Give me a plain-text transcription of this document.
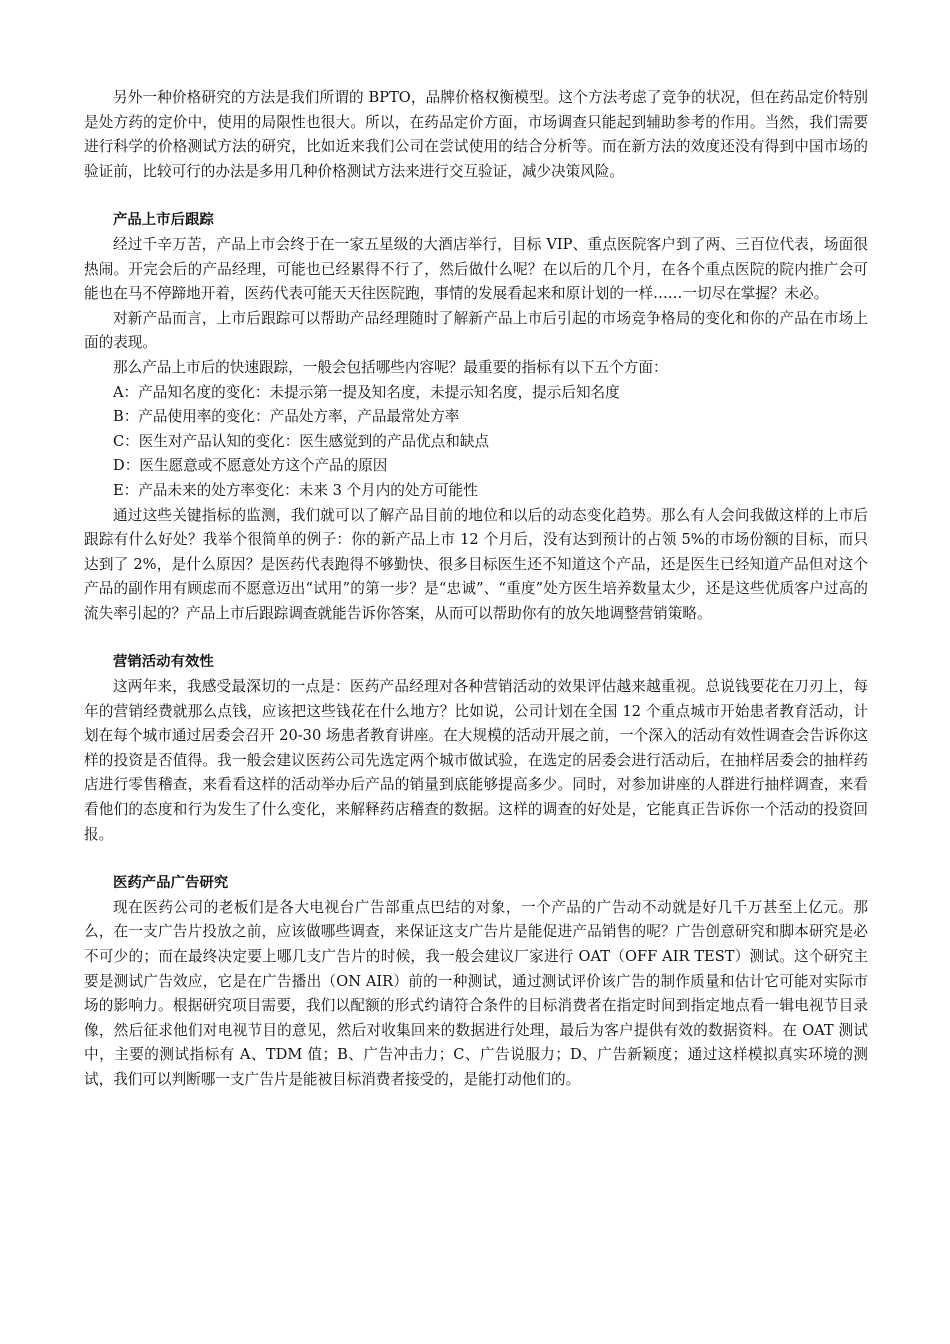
另外一种价格研究的方法是我们所谓的 BPTO，品牌价格权衡模型。这个方法考虑了竞争的状况，但在药品定价特别是处方药的定价中，使用的局限性也很大。所以，在药品定价方面，市场调查只能起到辅助参考的作用。当然，我们需要进行科学的价格测试方法的研究，比如近来我们公司在尝试使用的结合分析等。而在新方法的效度还没有得到中国市场的验证前，比较可行的办法是多用几种价格测试方法来进行交互验证，减少决策风险。

产品上市后跟踪

经过千辛万苦，产品上市会终于在一家五星级的大酒店举行，目标 VIP、重点医院客户到了两、三百位代表，场面很热闹。开完会后的产品经理，可能也已经累得不行了，然后做什么呢？在以后的几个月，在各个重点医院的院内推广会可能也在马不停蹄地开着，医药代表可能天天往医院跑，事情的发展看起来和原计划的一样……一切尽在掌握？未必。

对新产品而言，上市后跟踪可以帮助产品经理随时了解新产品上市后引起的市场竞争格局的变化和你的产品在市场上面的表现。

那么产品上市后的快速跟踪，一般会包括哪些内容呢？最重要的指标有以下五个方面：

A：产品知名度的变化：未提示第一提及知名度，未提示知名度，提示后知名度

B：产品使用率的变化：产品处方率，产品最常处方率

C：医生对产品认知的变化：医生感觉到的产品优点和缺点

D：医生愿意或不愿意处方这个产品的原因

E：产品未来的处方率变化：未来 3 个月内的处方可能性

通过这些关键指标的监测，我们就可以了解产品目前的地位和以后的动态变化趋势。那么有人会问我做这样的上市后跟踪有什么好处？我举个很简单的例子：你的新产品上市 12 个月后，没有达到预计的占领 5%的市场份额的目标，而只达到了 2%，是什么原因？是医药代表跑得不够勤快、很多目标医生还不知道这个产品，还是医生已经知道产品但对这个产品的副作用有顾虑而不愿意迈出“试用”的第一步？是“忠诚”、“重度”处方医生培养数量太少，还是这些优质客户过高的流失率引起的？产品上市后跟踪调查就能告诉你答案，从而可以帮助你有的放矢地调整营销策略。

营销活动有效性

这两年来，我感受最深切的一点是：医药产品经理对各种营销活动的效果评估越来越重视。总说钱要花在刀刃上，每年的营销经费就那么点钱，应该把这些钱花在什么地方？比如说，公司计划在全国 12 个重点城市开始患者教育活动，计划在每个城市通过居委会召开 20-30 场患者教育讲座。在大规模的活动开展之前，一个深入的活动有效性调查会告诉你这样的投资是否值得。我一般会建议医药公司先选定两个城市做试验，在选定的居委会进行活动后，在抽样居委会的抽样药店进行零售稽查，来看看这样的活动举办后产品的销量到底能够提高多少。同时，对参加讲座的人群进行抽样调查，来看看他们的态度和行为发生了什么变化，来解释药店稽查的数据。这样的调查的好处是，它能真正告诉你一个活动的投资回报。

医药产品广告研究

现在医药公司的老板们是各大电视台广告部重点巴结的对象，一个产品的广告动不动就是好几千万甚至上亿元。那么，在一支广告片投放之前，应该做哪些调查，来保证这支广告片是能促进产品销售的呢？广告创意研究和脚本研究是必不可少的；而在最终决定要上哪几支广告片的时候，我一般会建议厂家进行 OAT（OFF AIR TEST）测试。这个研究主要是测试广告效应，它是在广告播出（ON AIR）前的一种测试，通过测试评价该广告的制作质量和估计它可能对实际市场的影响力。根据研究项目需要，我们以配额的形式约请符合条件的目标消费者在指定时间到指定地点看一辑电视节目录像，然后征求他们对电视节目的意见，然后对收集回来的数据进行处理，最后为客户提供有效的数据资料。在 OAT 测试中，主要的测试指标有 A、TDM 值；B、广告冲击力；C、广告说服力；D、广告新颖度；通过这样模拟真实环境的测试，我们可以判断哪一支广告片是能被目标消费者接受的，是能打动他们的。
